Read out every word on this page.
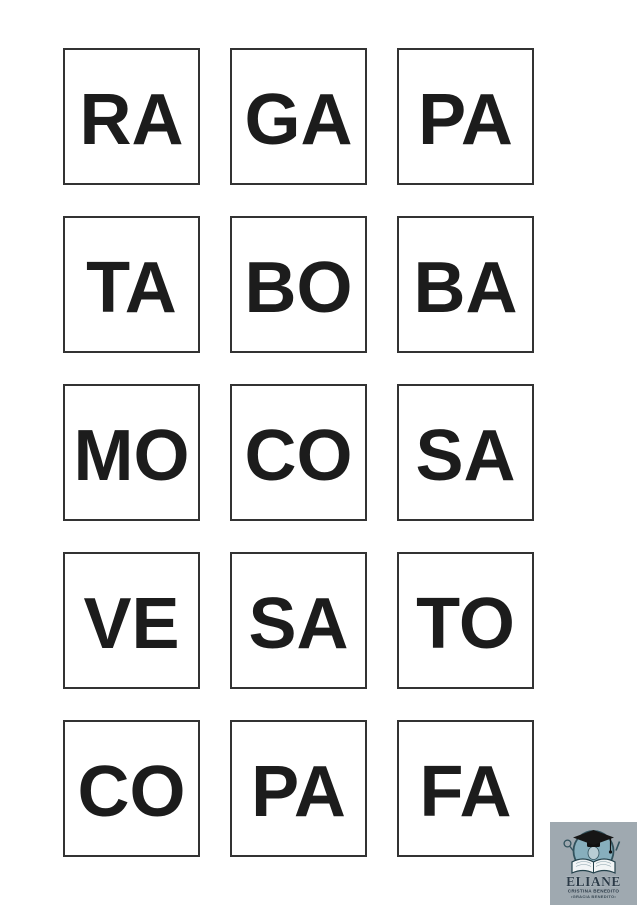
RA GA PA
TA BO BA
MO CO SA
VE SA TO
CO PA FA
ELIANE
CRISTINA BENEDITO
•GRACIA BENEDITO•
